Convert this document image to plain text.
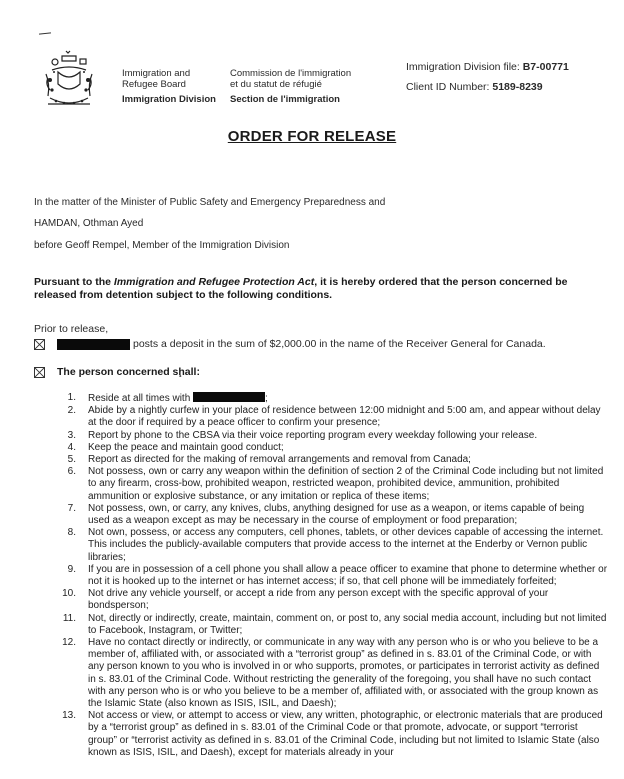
Immigration and
Refugee Board
Immigration Division
Commission de l'immigration
et du statut de réfugié
Section de l'immigration
Immigration Division file: B7-00771
Client ID Number: 5189-8239
ORDER FOR RELEASE
In the matter of the Minister of Public Safety and Emergency Preparedness and
HAMDAN, Othman Ayed
before Geoff Rempel, Member of the Immigration Division
Pursuant to the Immigration and Refugee Protection Act, it is hereby ordered that the person concerned be released from detention subject to the following conditions.
Prior to release,
posts a deposit in the sum of $2,000.00 in the name of the Receiver General for Canada.
The person concerned sḩall:
1. Reside at all times with	;
2. Abide by a nightly curfew in your place of residence between 12:00 midnight and 5:00 am, and appear without delay at the door if required by a peace officer to confirm your presence;
3. Report by phone to the CBSA via their voice reporting program every weekday following your release.
4. Keep the peace and maintain good conduct;
5. Report as directed for the making of removal arrangements and removal from Canada;
6. Not possess, own or carry any weapon within the definition of section 2 of the Criminal Code including but not limited to any firearm, cross-bow, prohibited weapon, restricted weapon, prohibited device, ammunition, prohibited ammunition or explosive substance, or any imitation or replica of these items;
7. Not possess, own, or carry, any knives, clubs, anything designed for use as a weapon, or items capable of being used as a weapon except as may be necessary in the course of employment or food preparation;
8. Not own, possess, or access any computers, cell phones, tablets, or other devices capable of accessing the internet. This includes the publicly-available computers that provide access to the internet at the Enderby or Vernon public libraries;
9. If you are in possession of a cell phone you shall allow a peace officer to examine that phone to determine whether or not it is hooked up to the internet or has internet access; if so, that cell phone will be immediately forfeited;
10. Not drive any vehicle yourself, or accept a ride from any person except with the specific approval of your bondsperson;
11. Not, directly or indirectly, create, maintain, comment on, or post to, any social media account, including but not limited to Facebook, Instagram, or Twitter;
12. Have no contact directly or indirectly, or communicate in any way with any person who is or who you believe to be a member of, affiliated with, or associated with a “terrorist group” as defined in s. 83.01 of the Criminal Code, or with any person known to you who is involved in or who supports, promotes, or participates in terrorist activity as defined in s. 83.01 of the Criminal Code. Without restricting the generality of the foregoing, you shall have no such contact with any person who is or who you believe to be a member of, affiliated with, or associated with the group known as the Islamic State (also known as ISIS, ISIL, and Daesh);
13. Not access or view, or attempt to access or view, any written, photographic, or electronic materials that are produced by a “terrorist group” as defined in s. 83.01 of the Criminal Code or that promote, advocate, or support “terrorist group” or “terrorist activity as defined in s. 83.01 of the Criminal Code, including but not limited to Islamic State (also known as ISIS, ISIL, and Daesh), except for materials already in your
